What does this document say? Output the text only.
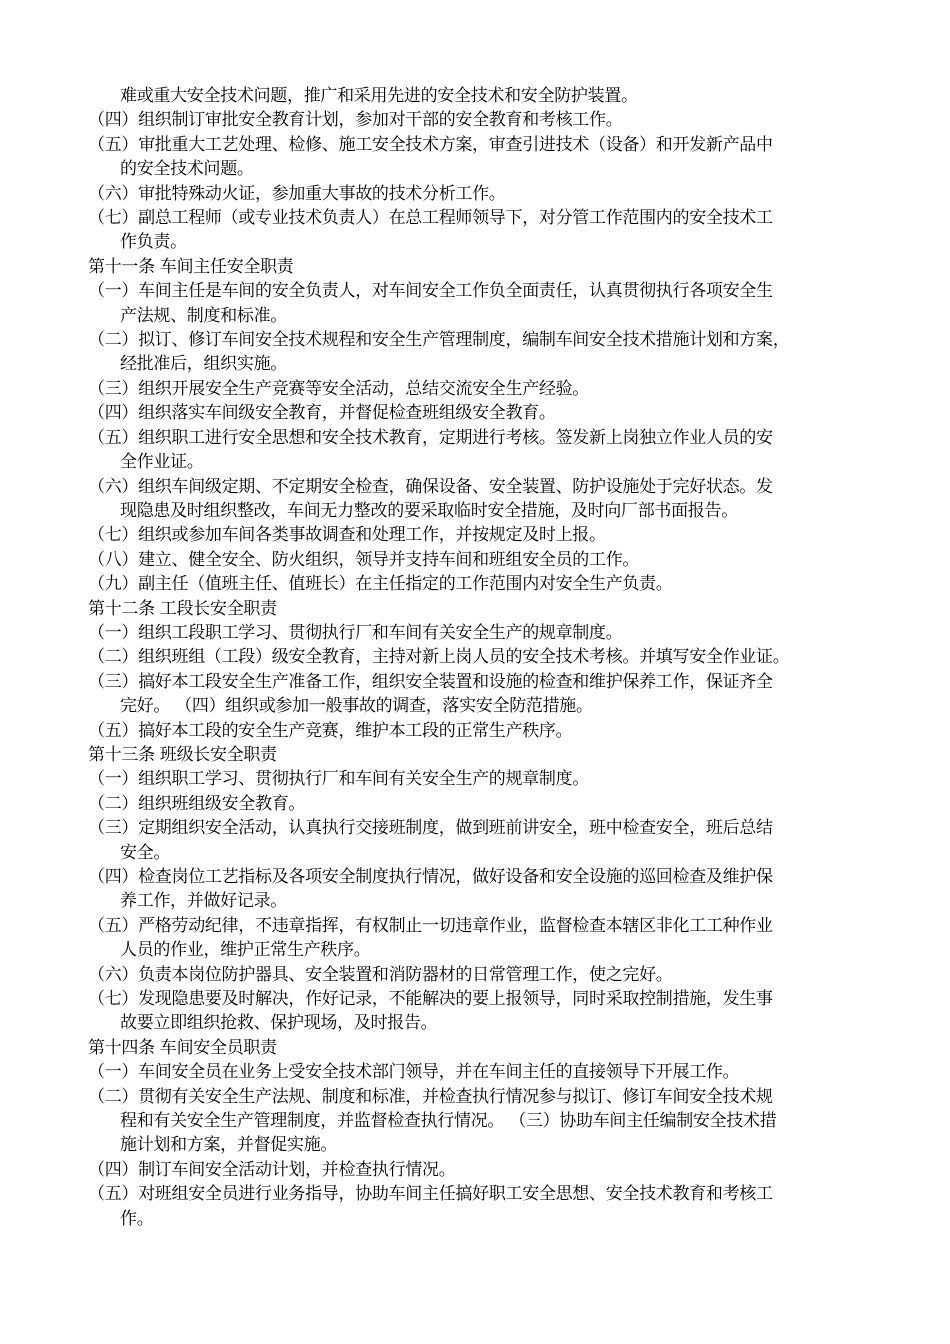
难或重大安全技术问题，推广和采用先进的安全技术和安全防护装置。
（四）组织制订审批安全教育计划，参加对干部的安全教育和考核工作。
（五）审批重大工艺处理、检修、施工安全技术方案，审查引进技术（设备）和开发新产品中
的安全技术问题。
（六）审批特殊动火证，参加重大事故的技术分析工作。
（七）副总工程师（或专业技术负责人）在总工程师领导下，对分管工作范围内的安全技术工
作负责。
第十一条 车间主任安全职责
（一）车间主任是车间的安全负责人，对车间安全工作负全面责任，认真贯彻执行各项安全生
产法规、制度和标准。
（二）拟订、修订车间安全技术规程和安全生产管理制度，编制车间安全技术措施计划和方案，
经批准后，组织实施。
（三）组织开展安全生产竞赛等安全活动，总结交流安全生产经验。
（四）组织落实车间级安全教育，并督促检查班组级安全教育。
（五）组织职工进行安全思想和安全技术教育，定期进行考核。签发新上岗独立作业人员的安
全作业证。
（六）组织车间级定期、不定期安全检查，确保设备、安全装置、防护设施处于完好状态。发
现隐患及时组织整改，车间无力整改的要采取临时安全措施，及时向厂部书面报告。
（七）组织或参加车间各类事故调查和处理工作，并按规定及时上报。
（八）建立、健全安全、防火组织，领导并支持车间和班组安全员的工作。
（九）副主任（值班主任、值班长）在主任指定的工作范围内对安全生产负责。
第十二条 工段长安全职责
（一）组织工段职工学习、贯彻执行厂和车间有关安全生产的规章制度。
（二）组织班组（工段）级安全教育，主持对新上岗人员的安全技术考核。并填写安全作业证。
（三）搞好本工段安全生产准备工作，组织安全装置和设施的检查和维护保养工作，保证齐全
完好。 （四）组织或参加一般事故的调查，落实安全防范措施。
（五）搞好本工段的安全生产竞赛，维护本工段的正常生产秩序。
第十三条 班级长安全职责
（一）组织职工学习、贯彻执行厂和车间有关安全生产的规章制度。
（二）组织班组级安全教育。
（三）定期组织安全活动，认真执行交接班制度，做到班前讲安全，班中检查安全，班后总结
安全。
（四）检查岗位工艺指标及各项安全制度执行情况，做好设备和安全设施的巡回检查及维护保
养工作，并做好记录。
（五）严格劳动纪律，不违章指挥，有权制止一切违章作业，监督检查本辖区非化工工种作业
人员的作业，维护正常生产秩序。
（六）负责本岗位防护器具、安全装置和消防器材的日常管理工作，使之完好。
（七）发现隐患要及时解决，作好记录，不能解决的要上报领导，同时采取控制措施，发生事
故要立即组织抢救、保护现场，及时报告。
第十四条 车间安全员职责
（一）车间安全员在业务上受安全技术部门领导，并在车间主任的直接领导下开展工作。
（二）贯彻有关安全生产法规、制度和标准，并检查执行情况参与拟订、修订车间安全技术规
程和有关安全生产管理制度，并监督检查执行情况。 （三）协助车间主任编制安全技术措
施计划和方案，并督促实施。
（四）制订车间安全活动计划，并检查执行情况。
（五）对班组安全员进行业务指导，协助车间主任搞好职工安全思想、安全技术教育和考核工
作。
